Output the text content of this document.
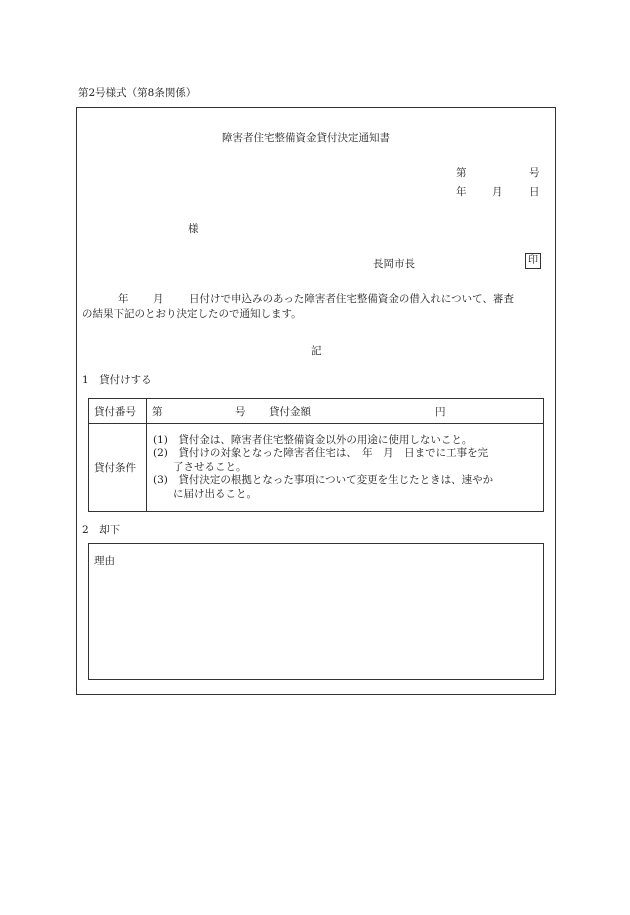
第2号様式（第8条関係）
障害者住宅整備資金貸付決定通知書
第	号
年 月	日
様
長岡市長	印
年 月 日付けで申込みのあった障害者住宅整備資金の借入れについて、審査
の結果下記のとおり決定したので通知します。
記
1　貸付けする
貸付番号	第 号 貸付金額 円

貸付条件	(1)　貸付金は、障害者住宅整備資金以外の用途に使用しないこと。
(2)　貸付けの対象となった障害者住宅は、　年　月　日までに工事を完
了させること。
(3)　貸付決定の根拠となった事項について変更を生じたときは、速やか
に届け出ること。
2　却下
理由
